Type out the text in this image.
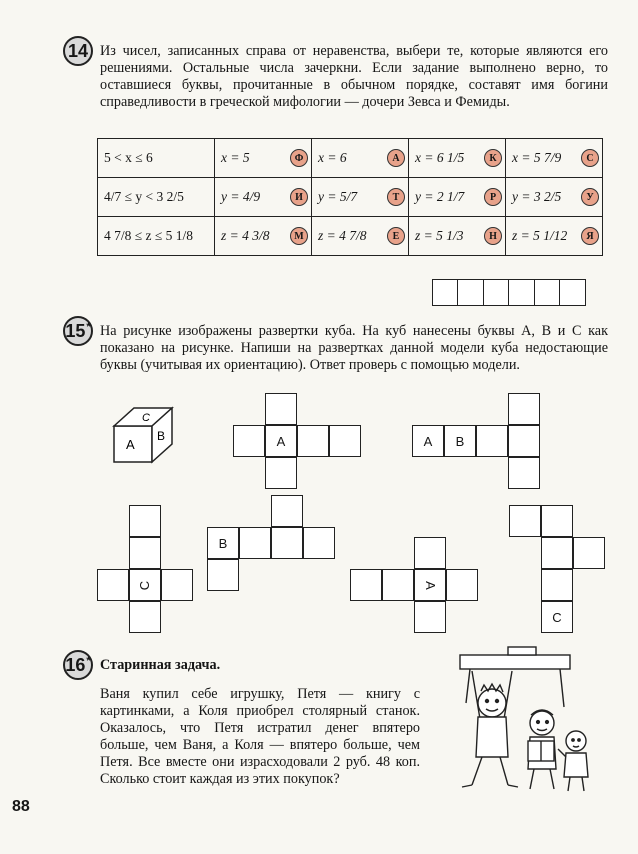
14 Из чисел, записанных справа от неравенства, выбери те, которые являются его решениями. Остальные числа зачеркни. Если задание выполнено верно, то оставшиеся буквы, прочитанные в обычном порядке, составят имя богини справедливости в греческой мифологии — дочери Зевса и Фемиды.
5 < x ≤ 6	x = 5 Ф	x = 6 А	x = 6 1/5 К	x = 5 7/9 С

4/7 ≤ y < 3 2/5	y = 4/9 И	y = 5/7 Т	y = 2 1/7 Р	y = 3 2/5 У

4 7/8 ≤ z ≤ 5 1/8	z = 4 3/8 М	z = 4 7/8 Е	z = 5 1/3 Н	z = 5 1/12 Я
15* На рисунке изображены развертки куба. На куб нанесены буквы A, B и C как показано на рисунке. Напиши на развертках данной модели куба недостающие буквы (учитывая их ориентацию). Ответ проверь с помощью модели.
A
B
C
A	A B
C
B
A
C
16* Старинная задача.
Ваня купил себе игрушку, Петя — книгу с картинками, а Коля приобрел столярный станок. Оказалось, что Петя истратил денег впятеро больше, чем Ваня, а Коля — впятеро больше, чем Петя. Все вместе они израсходовали 2 руб. 48 коп. Сколько стоит каждая из этих покупок?
88
